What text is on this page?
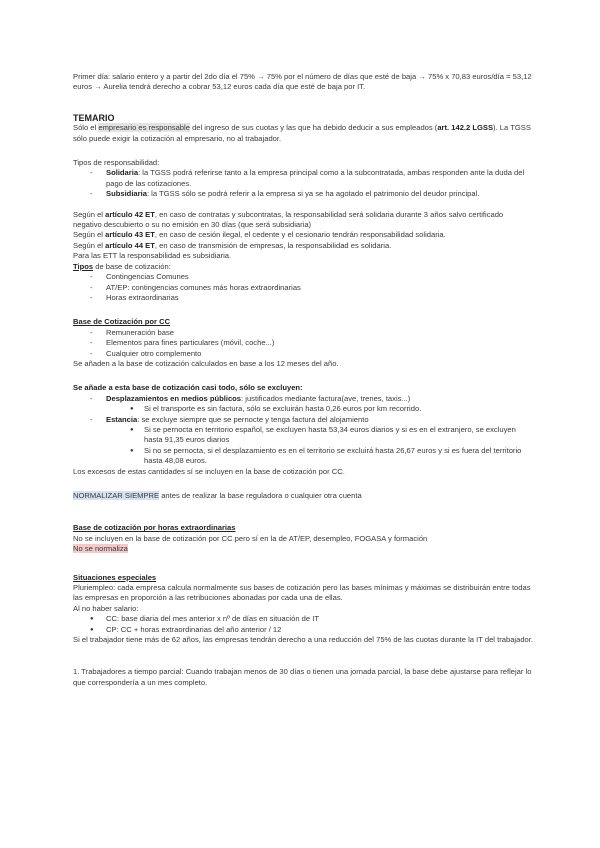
Primer día: salario entero y a partir del 2do día el 75% → 75% por el número de días que esté de baja → 75% x 70,83 euros/día = 53,12 euros → Aurelia tendrá derecho a cobrar 53,12 euros cada día que esté de baja por IT.

TEMARIO

Sólo el empresario es responsable del ingreso de sus cuotas y las que ha debido deducir a sus empleados (art. 142.2 LGSS). La TGSS sólo puede exigir la cotización al empresario, no al trabajador.

Tipos de responsabilidad:

- Solidaria: la TGSS podrá referirse tanto a la empresa principal como a la subcontratada, ambas responden ante la duda del pago de las cotizaciones.
- Subsidiaria: la TGSS sólo se podrá referir a la empresa si ya se ha agotado el patrimonio del deudor principal.

Según el artículo 42 ET, en caso de contratas y subcontratas, la responsabilidad será solidaria durante 3 años salvo certificado negativo descubierto o su no emisión en 30 días (que será subsidiaria)

Según el artículo 43 ET, en caso de cesión ilegal, el cedente y el cesionario tendrán responsabilidad solidaria.

Según el artículo 44 ET, en caso de transmisión de empresas, la responsabilidad es solidaria.

Para las ETT la responsabilidad es subsidiaria.

Tipos de base de cotización:

- Contingencias Comunes
- AT/EP: contingencias comunes más horas extraordinarias
- Horas extraordinarias

Base de Cotización por CC

- Remuneración base
- Elementos para fines particulares (móvil, coche...)
- Cualquier otro complemento

Se añaden a la base de cotización calculados en base a los 12 meses del año.

Se añade a esta base de cotización casi todo, sólo se excluyen:

- Desplazamientos en medios públicos: justificados mediante factura(ave, trenes, taxis...)
● Si el transporte es sin factura, sólo se excluirán hasta 0,26 euros por km recorrido.
- Estancia: se excluye siempre que se pernocte y tenga factura del alojamiento
● Si se pernocta en territorio español, se excluyen hasta 53,34 euros diarios y si es en el extranjero, se excluyen hasta 91,35 euros diarios
● Si no se pernocta, si el desplazamiento es en el territorio se excluirá hasta 26,67 euros y si es fuera del territorio hasta 48,08 euros.

Los excesos de estas cantidades sí se incluyen en la base de cotización por CC.

NORMALIZAR SIEMPRE antes de realizar la base reguladora o cualquier otra cuenta

Base de cotización por horas extraordinarias

No se incluyen en la base de cotización por CC pero sí en la de AT/EP, desempleo, FOGASA y formación

No se normaliza

Situaciones especiales

Pluriempleo: cada empresa calcula normalmente sus bases de cotización pero las bases mínimas y máximas se distribuirán entre todas las empresas en proporción a las retribuciones abonadas por cada una de ellas.

Al no haber salario:

● CC: base diaria del mes anterior x nº de días en situación de IT
● CP: CC + horas extraordinarias del año anterior / 12

Si el trabajador tiene más de 62 años, las empresas tendrán derecho a una reducción del 75% de las cuotas durante la IT del trabajador.

1. Trabajadores a tiempo parcial: Cuando trabajan menos de 30 días o tienen una jornada parcial, la base debe ajustarse para reflejar lo que correspondería a un mes completo.
